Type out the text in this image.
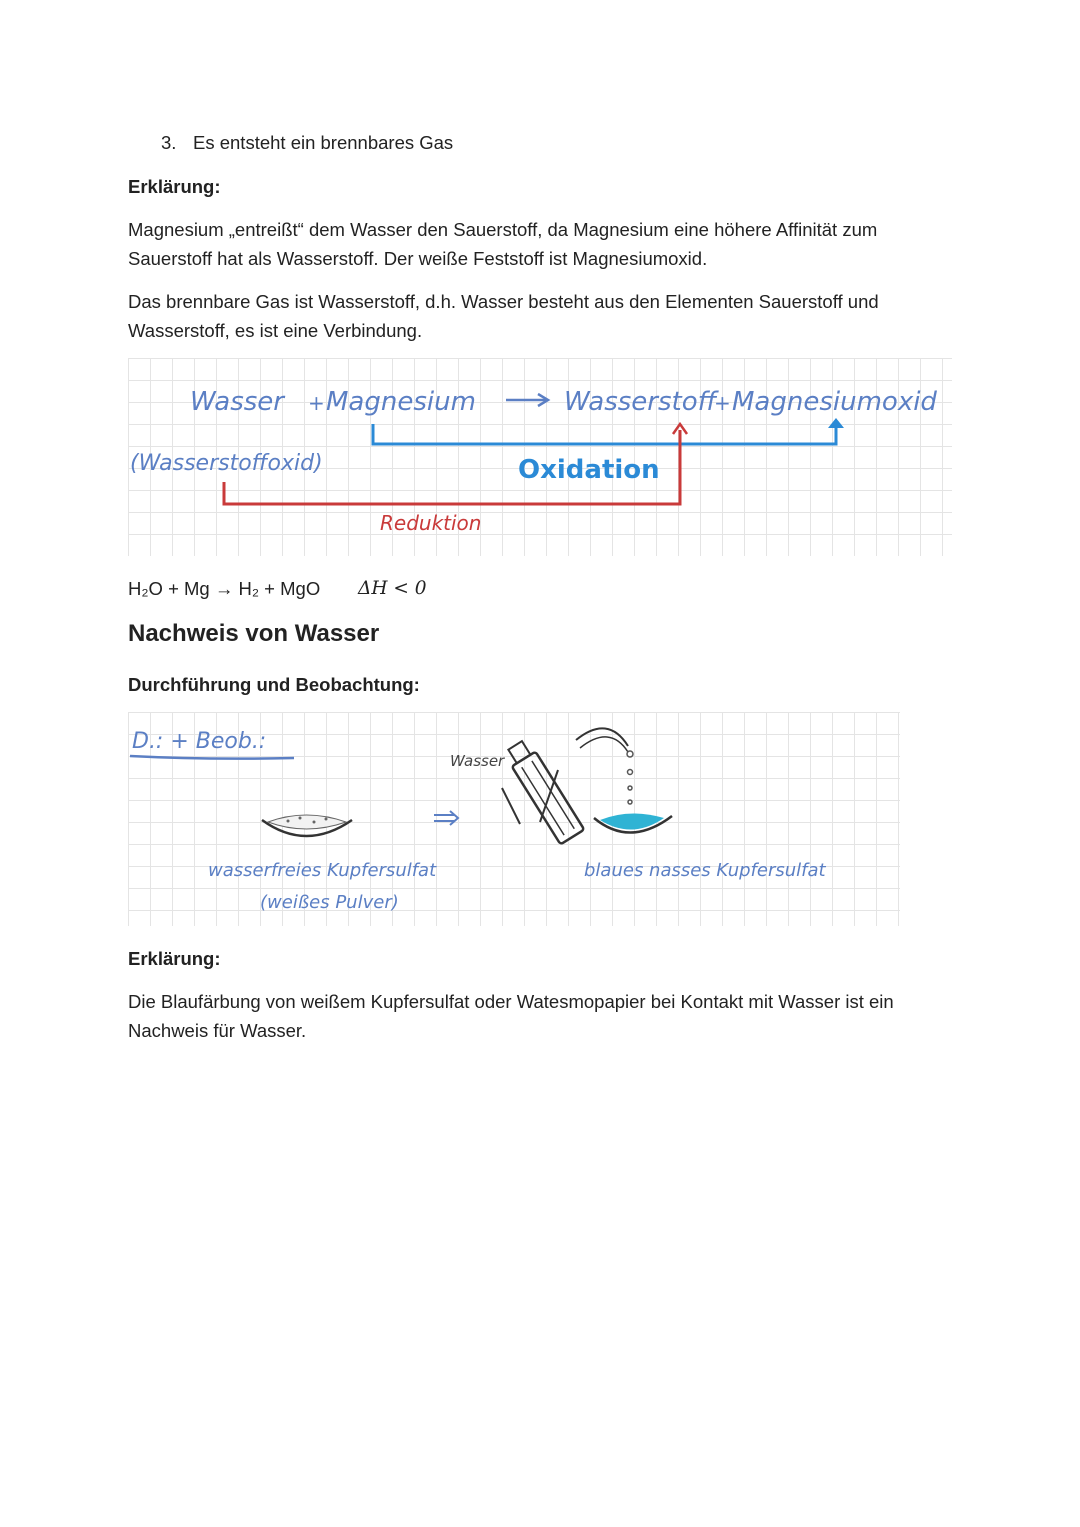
3. Es entsteht ein brennbares Gas
Erklärung:
Magnesium „entreißt“ dem Wasser den Sauerstoff, da Magnesium eine höhere Affinität zum Sauerstoff hat als Wasserstoff. Der weiße Feststoff ist Magnesiumoxid.
Das brennbare Gas ist Wasserstoff, d.h. Wasser besteht aus den Elementen Sauerstoff und Wasserstoff, es ist eine Verbindung.
Wasser + Magnesium
(Wasserstoffoxid)
Wasserstoff
+ Magnesiumoxid
Oxidation
Reduktion
H₂O + Mg → H₂ + MgO ΔH < 0
Nachweis von Wasser
Durchführung und Beobachtung:
D.: + Beob.:
Wasser
wasserfreies Kupfersulfat
(weißes Pulver)
blaues nasses Kupfersulfat
Erklärung:
Die Blaufärbung von weißem Kupfersulfat oder Watesmopapier bei Kontakt mit Wasser ist ein Nachweis für Wasser.
